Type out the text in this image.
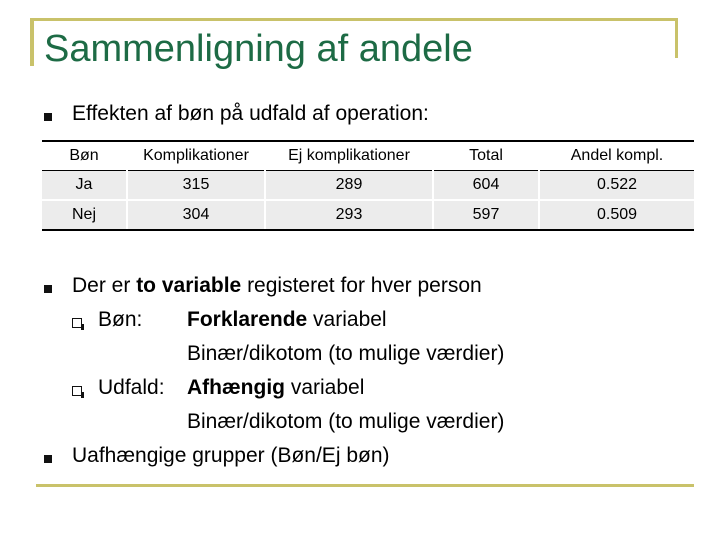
Sammenligning af andele
Effekten af bøn på udfald af operation:
Bøn	Komplikationer	Ej komplikationer	Total	Andel kompl.
Ja	315	289	604	0.522
Nej	304	293	597	0.509
Der er to variable registeret for hver person
Bøn: Forklarende variabel
Binær/dikotom (to mulige værdier)
Udfald: Afhængig variabel
Binær/dikotom (to mulige værdier)
Uafhængige grupper (Bøn/Ej bøn)
